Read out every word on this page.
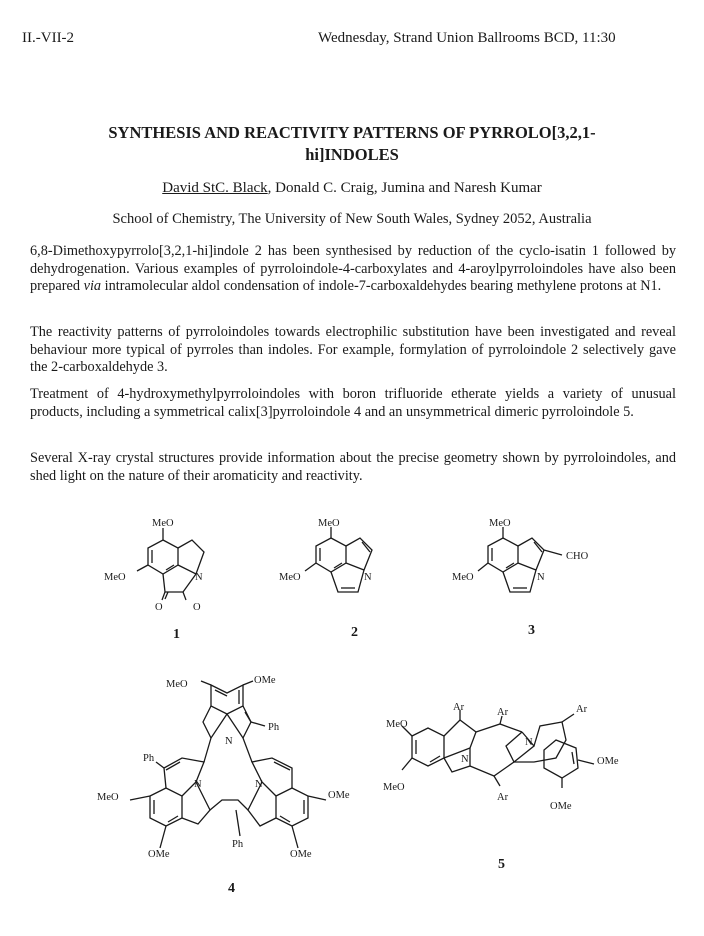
II.-VII-2	Wednesday, Strand Union Ballrooms BCD, 11:30
SYNTHESIS AND REACTIVITY PATTERNS OF PYRROLO[3,2,1-
hi]INDOLES
David StC. Black, Donald C. Craig, Jumina and Naresh Kumar
School of Chemistry, The University of New South Wales, Sydney 2052, Australia

6,8-Dimethoxypyrrolo[3,2,1-hi]indole 2 has been synthesised by reduction of the cyclo-isatin 1 followed by dehydrogenation. Various examples of pyrroloindole-4-carboxylates and 4-aroylpyrroloindoles have also been prepared via intramolecular aldol condensation of indole-7-carboxaldehydes bearing methylene protons at N1.

The reactivity patterns of pyrroloindoles towards electrophilic substitution have been investigated and reveal behaviour more typical of pyrroles than indoles. For example, formylation of pyrroloindole 2 selectively gave the 2-carboxaldehyde 3.

Treatment of 4-hydroxymethylpyrroloindoles with boron trifluoride etherate yields a variety of unusual products, including a symmetrical calix[3]pyrroloindole 4 and an unsymmetrical dimeric pyrroloindole 5.

Several X-ray crystal structures provide information about the precise geometry shown by pyrroloindoles, and shed light on the nature of their aromaticity and reactivity.

MeO
MeO	N
O	O
1
MeO
MeO	N
2
MeO
MeO	N
CHO
3
MeO	OMe
Ph
Ph
N
N	N
MeO	OMe
Ph
OMe	OMe
4
MeO
MeO
Ar	Ar	Ar
Ar
N
N
OMe
OMe
5
